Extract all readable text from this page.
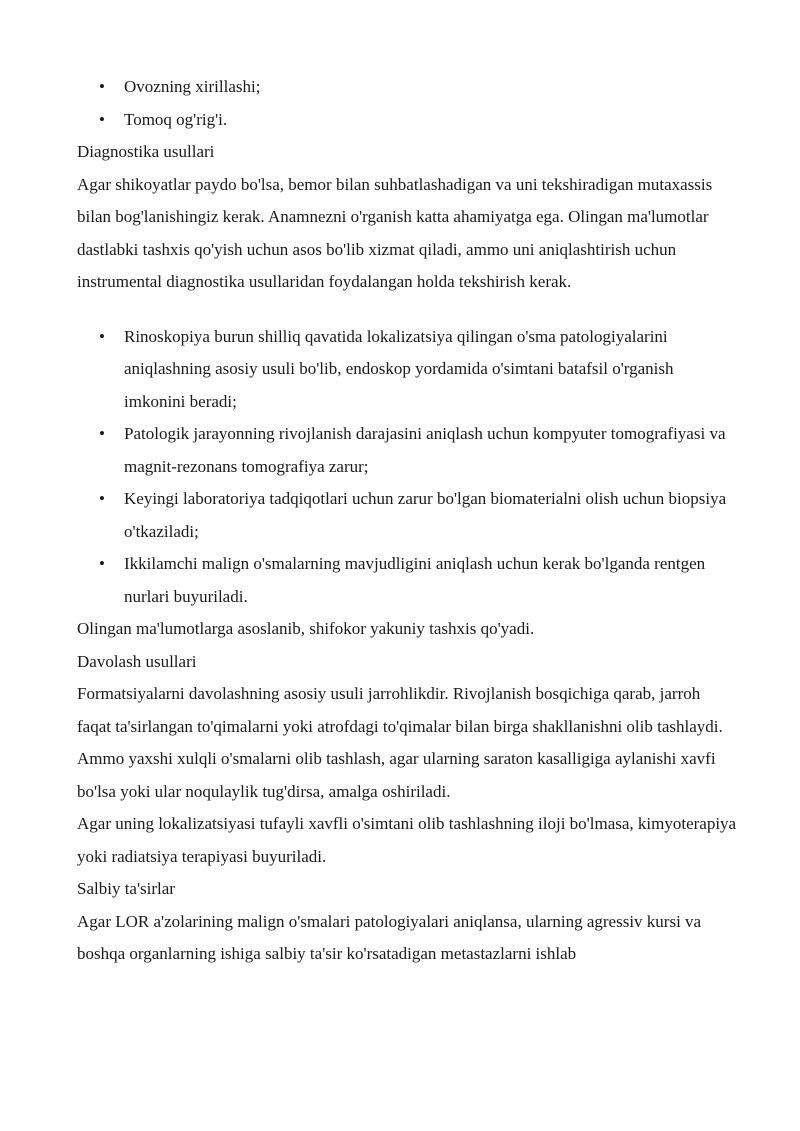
• Ovozning xirillashi;
• Tomoq og'rig'i.

Diagnostika usullari

Agar shikoyatlar paydo bo'lsa, bemor bilan suhbatlashadigan va uni tekshiradigan mutaxassis bilan bog'lanishingiz kerak. Anamnezni o'rganish katta ahamiyatga ega. Olingan ma'lumotlar dastlabki tashxis qo'yish uchun asos bo'lib xizmat qiladi, ammo uni aniqlashtirish uchun instrumental diagnostika usullaridan foydalangan holda tekshirish kerak.

• Rinoskopiya burun shilliq qavatida lokalizatsiya qilingan o'sma patologiyalarini aniqlashning asosiy usuli bo'lib, endoskop yordamida o'simtani batafsil o'rganish imkonini beradi;
• Patologik jarayonning rivojlanish darajasini aniqlash uchun kompyuter tomografiyasi va magnit-rezonans tomografiya zarur;
• Keyingi laboratoriya tadqiqotlari uchun zarur bo'lgan biomaterialni olish uchun biopsiya o'tkaziladi;
• Ikkilamchi malign o'smalarning mavjudligini aniqlash uchun kerak bo'lganda rentgen nurlari buyuriladi.

Olingan ma'lumotlarga asoslanib, shifokor yakuniy tashxis qo'yadi.

Davolash usullari

Formatsiyalarni davolashning asosiy usuli jarrohlikdir. Rivojlanish bosqichiga qarab, jarroh faqat ta'sirlangan to'qimalarni yoki atrofdagi to'qimalar bilan birga shakllanishni olib tashlaydi.

Ammo yaxshi xulqli o'smalarni olib tashlash, agar ularning saraton kasalligiga aylanishi xavfi bo'lsa yoki ular noqulaylik tug'dirsa, amalga oshiriladi.

Agar uning lokalizatsiyasi tufayli xavfli o'simtani olib tashlashning iloji bo'lmasa, kimyoterapiya yoki radiatsiya terapiyasi buyuriladi.

Salbiy ta'sirlar

Agar LOR a'zolarining malign o'smalari patologiyalari aniqlansa, ularning agressiv kursi va boshqa organlarning ishiga salbiy ta'sir ko'rsatadigan metastazlarni ishlab
